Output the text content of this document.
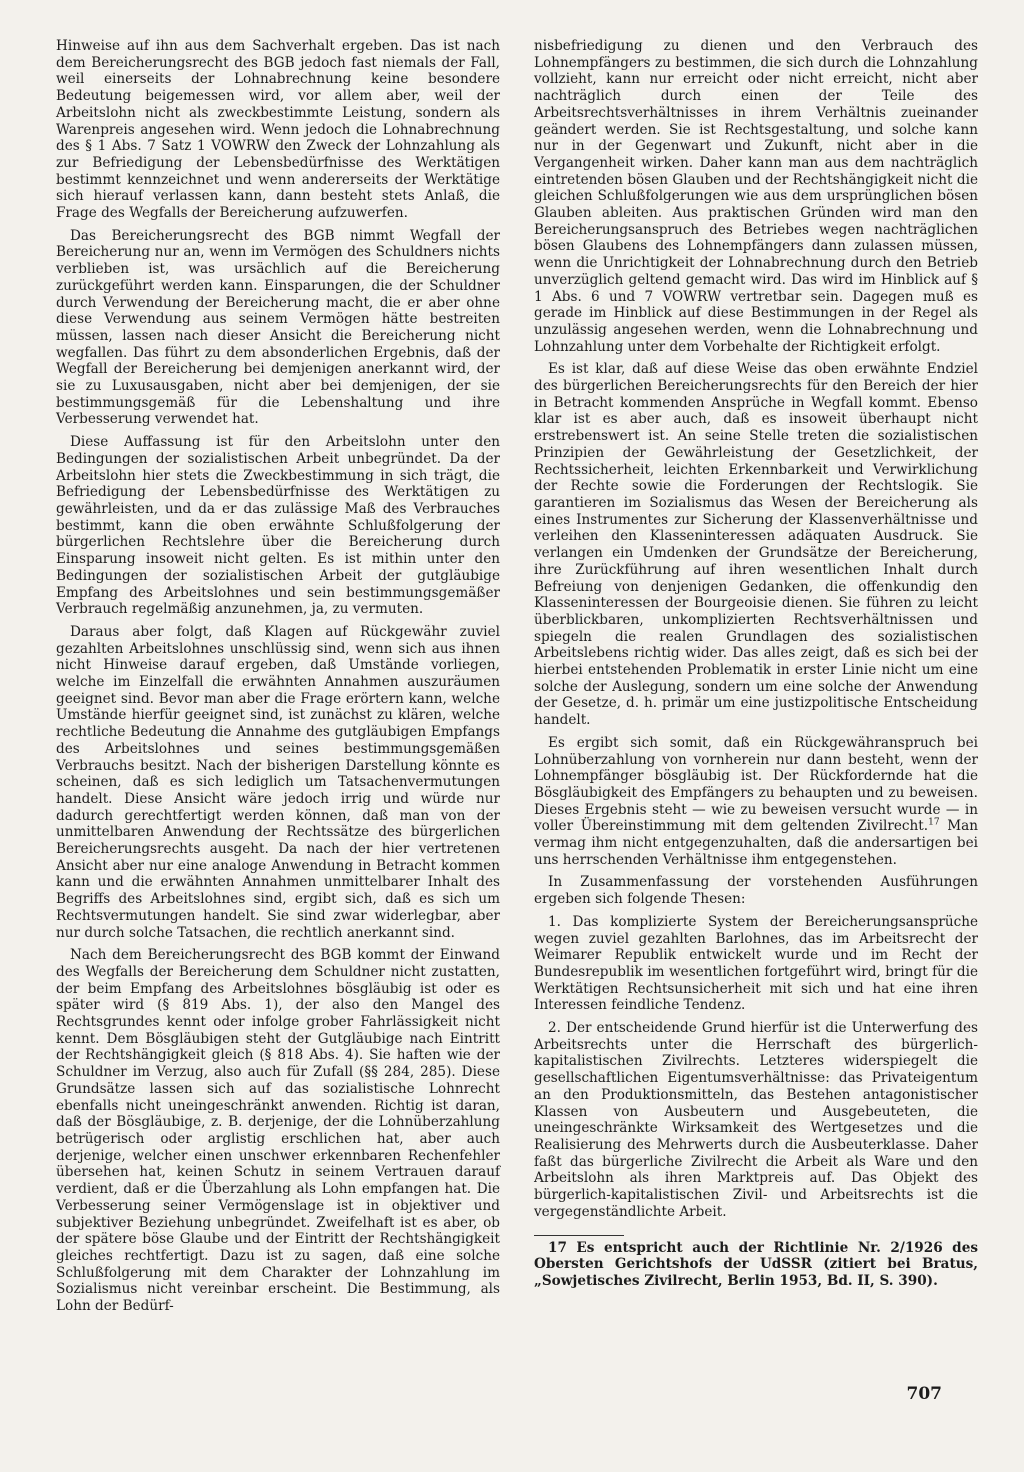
Hinweise auf ihn aus dem Sachverhalt ergeben. Das ist nach dem Bereicherungsrecht des BGB jedoch fast niemals der Fall, weil einerseits der Lohnabrechnung keine besondere Bedeutung beigemessen wird, vor allem aber, weil der Arbeitslohn nicht als zweckbestimmte Leistung, sondern als Warenpreis angesehen wird. Wenn jedoch die Lohnabrechnung des § 1 Abs. 7 Satz 1 VOWRW den Zweck der Lohnzahlung als zur Befriedigung der Lebensbedürfnisse des Werktätigen bestimmt kennzeichnet und wenn andererseits der Werktätige sich hierauf verlassen kann, dann besteht stets Anlaß, die Frage des Wegfalls der Bereicherung aufzuwerfen.

Das Bereicherungsrecht des BGB nimmt Wegfall der Bereicherung nur an, wenn im Vermögen des Schuldners nichts verblieben ist, was ursächlich auf die Bereicherung zurückgeführt werden kann. Einsparungen, die der Schuldner durch Verwendung der Bereicherung macht, die er aber ohne diese Verwendung aus seinem Vermögen hätte bestreiten müssen, lassen nach dieser Ansicht die Bereicherung nicht wegfallen. Das führt zu dem absonderlichen Ergebnis, daß der Wegfall der Bereicherung bei demjenigen anerkannt wird, der sie zu Luxusausgaben, nicht aber bei demjenigen, der sie bestimmungsgemäß für die Lebenshaltung und ihre Verbesserung verwendet hat.

Diese Auffassung ist für den Arbeitslohn unter den Bedingungen der sozialistischen Arbeit unbegründet. Da der Arbeitslohn hier stets die Zweckbestimmung in sich trägt, die Befriedigung der Lebensbedürfnisse des Werktätigen zu gewährleisten, und da er das zulässige Maß des Verbrauches bestimmt, kann die oben erwähnte Schlußfolgerung der bürgerlichen Rechtslehre über die Bereicherung durch Einsparung insoweit nicht gelten. Es ist mithin unter den Bedingungen der sozialistischen Arbeit der gutgläubige Empfang des Arbeitslohnes und sein bestimmungsgemäßer Verbrauch regelmäßig anzunehmen, ja, zu vermuten.

Daraus aber folgt, daß Klagen auf Rückgewähr zuviel gezahlten Arbeitslohnes unschlüssig sind, wenn sich aus ihnen nicht Hinweise darauf ergeben, daß Umstände vorliegen, welche im Einzelfall die erwähnten Annahmen auszuräumen geeignet sind. Bevor man aber die Frage erörtern kann, welche Umstände hierfür geeignet sind, ist zunächst zu klären, welche rechtliche Bedeutung die Annahme des gutgläubigen Empfangs des Arbeitslohnes und seines bestimmungsgemäßen Verbrauchs besitzt. Nach der bisherigen Darstellung könnte es scheinen, daß es sich lediglich um Tatsachenvermutungen handelt. Diese Ansicht wäre jedoch irrig und würde nur dadurch gerechtfertigt werden können, daß man von der unmittelbaren Anwendung der Rechtssätze des bürgerlichen Bereicherungsrechts ausgeht. Da nach der hier vertretenen Ansicht aber nur eine analoge Anwendung in Betracht kommen kann und die erwähnten Annahmen unmittelbarer Inhalt des Begriffs des Arbeitslohnes sind, ergibt sich, daß es sich um Rechtsvermutungen handelt. Sie sind zwar widerlegbar, aber nur durch solche Tatsachen, die rechtlich anerkannt sind.

Nach dem Bereicherungsrecht des BGB kommt der Einwand des Wegfalls der Bereicherung dem Schuldner nicht zustatten, der beim Empfang des Arbeitslohnes bösgläubig ist oder es später wird (§ 819 Abs. 1), der also den Mangel des Rechtsgrundes kennt oder infolge grober Fahrlässigkeit nicht kennt. Dem Bösgläubigen steht der Gutgläubige nach Eintritt der Rechtshängigkeit gleich (§ 818 Abs. 4). Sie haften wie der Schuldner im Verzug, also auch für Zufall (§§ 284, 285). Diese Grundsätze lassen sich auf das sozialistische Lohnrecht ebenfalls nicht uneingeschränkt anwenden. Richtig ist daran, daß der Bösgläubige, z. B. derjenige, der die Lohnüberzahlung betrügerisch oder arglistig erschlichen hat, aber auch derjenige, welcher einen unschwer erkennbaren Rechenfehler übersehen hat, keinen Schutz in seinem Vertrauen darauf verdient, daß er die Überzahlung als Lohn empfangen hat. Die Verbesserung seiner Vermögenslage ist in objektiver und subjektiver Beziehung unbegründet. Zweifelhaft ist es aber, ob der spätere böse Glaube und der Eintritt der Rechtshängigkeit gleiches rechtfertigt. Dazu ist zu sagen, daß eine solche Schlußfolgerung mit dem Charakter der Lohnzahlung im Sozialismus nicht vereinbar erscheint. Die Bestimmung, als Lohn der Bedürf-

nisbefriedigung zu dienen und den Verbrauch des Lohnempfängers zu bestimmen, die sich durch die Lohnzahlung vollzieht, kann nur erreicht oder nicht erreicht, nicht aber nachträglich durch einen der Teile des Arbeitsrechtsverhältnisses in ihrem Verhältnis zueinander geändert werden. Sie ist Rechtsgestaltung, und solche kann nur in der Gegenwart und Zukunft, nicht aber in die Vergangenheit wirken. Daher kann man aus dem nachträglich eintretenden bösen Glauben und der Rechtshängigkeit nicht die gleichen Schlußfolgerungen wie aus dem ursprünglichen bösen Glauben ableiten. Aus praktischen Gründen wird man den Bereicherungsanspruch des Betriebes wegen nachträglichen bösen Glaubens des Lohnempfängers dann zulassen müssen, wenn die Unrichtigkeit der Lohnabrechnung durch den Betrieb unverzüglich geltend gemacht wird. Das wird im Hinblick auf § 1 Abs. 6 und 7 VOWRW vertretbar sein. Dagegen muß es gerade im Hinblick auf diese Bestimmungen in der Regel als unzulässig angesehen werden, wenn die Lohnabrechnung und Lohnzahlung unter dem Vorbehalte der Richtigkeit erfolgt.

Es ist klar, daß auf diese Weise das oben erwähnte Endziel des bürgerlichen Bereicherungsrechts für den Bereich der hier in Betracht kommenden Ansprüche in Wegfall kommt. Ebenso klar ist es aber auch, daß es insoweit überhaupt nicht erstrebenswert ist. An seine Stelle treten die sozialistischen Prinzipien der Gewährleistung der Gesetzlichkeit, der Rechtssicherheit, leichten Erkennbarkeit und Verwirklichung der Rechte sowie die Forderungen der Rechtslogik. Sie garantieren im Sozialismus das Wesen der Bereicherung als eines Instrumentes zur Sicherung der Klassenverhältnisse und verleihen den Klasseninteressen adäquaten Ausdruck. Sie verlangen ein Umdenken der Grundsätze der Bereicherung, ihre Zurückführung auf ihren wesentlichen Inhalt durch Befreiung von denjenigen Gedanken, die offenkundig den Klasseninteressen der Bourgeoisie dienen. Sie führen zu leicht überblickbaren, unkomplizierten Rechtsverhältnissen und spiegeln die realen Grundlagen des sozialistischen Arbeitslebens richtig wider. Das alles zeigt, daß es sich bei der hierbei entstehenden Problematik in erster Linie nicht um eine solche der Auslegung, sondern um eine solche der Anwendung der Gesetze, d. h. primär um eine justizpolitische Entscheidung handelt.

Es ergibt sich somit, daß ein Rückgewähranspruch bei Lohnüberzahlung von vornherein nur dann besteht, wenn der Lohnempfänger bösgläubig ist. Der Rückfordernde hat die Bösgläubigkeit des Empfängers zu behaupten und zu beweisen. Dieses Ergebnis steht — wie zu beweisen versucht wurde — in voller Übereinstimmung mit dem geltenden Zivilrecht.$^{17}$ Man vermag ihm nicht entgegenzuhalten, daß die andersartigen bei uns herrschenden Verhältnisse ihm entgegenstehen.

In Zusammenfassung der vorstehenden Ausführungen ergeben sich folgende Thesen:

1. Das komplizierte System der Bereicherungsansprüche wegen zuviel gezahlten Barlohnes, das im Arbeitsrecht der Weimarer Republik entwickelt wurde und im Recht der Bundesrepublik im wesentlichen fortgeführt wird, bringt für die Werktätigen Rechtsunsicherheit mit sich und hat eine ihren Interessen feindliche Tendenz.

2. Der entscheidende Grund hierfür ist die Unterwerfung des Arbeitsrechts unter die Herrschaft des bürgerlich-kapitalistischen Zivilrechts. Letzteres widerspiegelt die gesellschaftlichen Eigentumsverhältnisse: das Privateigentum an den Produktionsmitteln, das Bestehen antagonistischer Klassen von Ausbeutern und Ausgebeuteten, die uneingeschränkte Wirksamkeit des Wertgesetzes und die Realisierung des Mehrwerts durch die Ausbeuterklasse. Daher faßt das bürgerliche Zivilrecht die Arbeit als Ware und den Arbeitslohn als ihren Marktpreis auf. Das Objekt des bürgerlich-kapitalistischen Zivil- und Arbeitsrechts ist die vergegenständlichte Arbeit.

17 Es entspricht auch der Richtlinie Nr. 2/1926 des Obersten Gerichtshofs der UdSSR (zitiert bei Bratus, „Sowjetisches Zivilrecht, Berlin 1953, Bd. II, S. 390).

707
